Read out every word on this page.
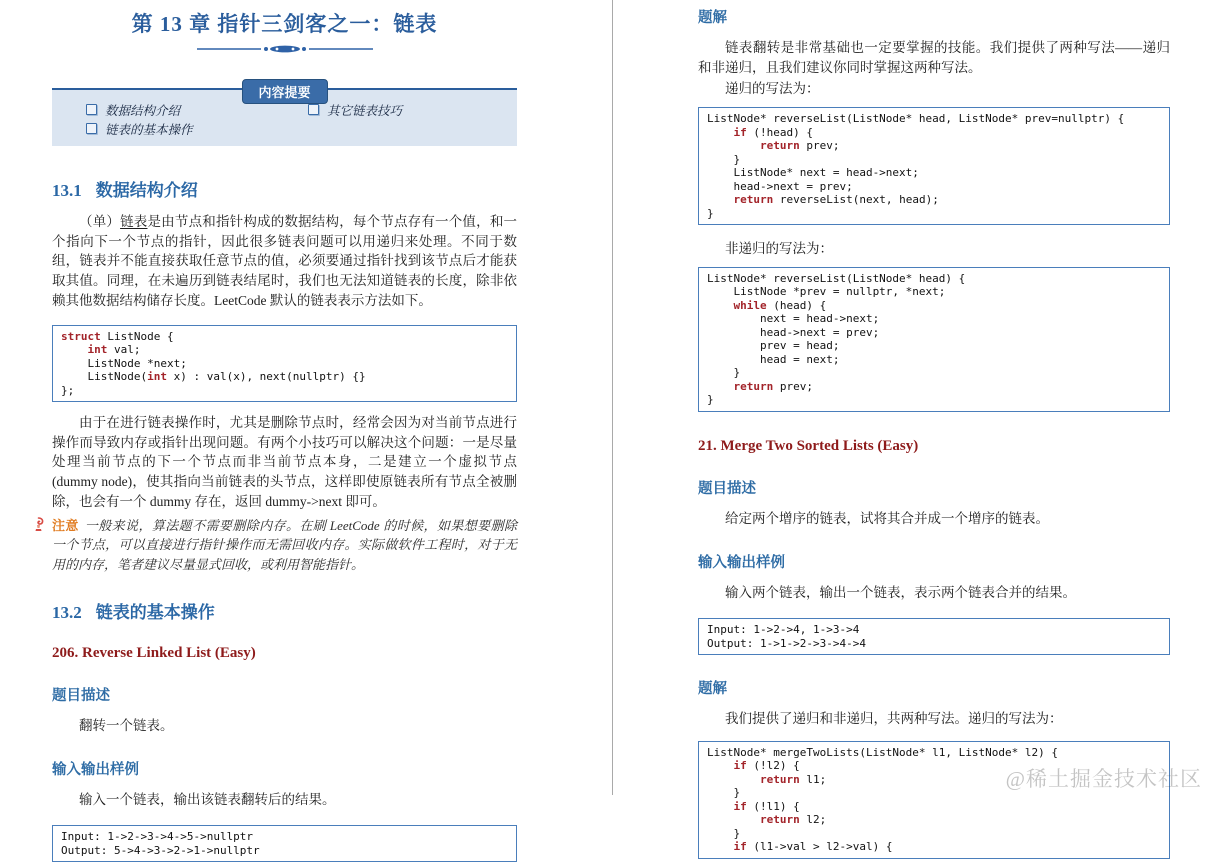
第 13 章 指针三剑客之一：链表
内容提要
数据结构介绍
链表的基本操作
其它链表技巧
13.1 数据结构介绍

（单）链表是由节点和指针构成的数据结构，每个节点存有一个值，和一个指向下一个节点的指针，因此很多链表问题可以用递归来处理。不同于数组，链表并不能直接获取任意节点的值，必须要通过指针找到该节点后才能获取其值。同理，在未遍历到链表结尾时，我们也无法知道链表的长度，除非依赖其他数据结构储存长度。LeetCode 默认的链表表示方法如下。

struct ListNode {
int val;
ListNode *next;
ListNode(int x) : val(x), next(nullptr) {}
};

由于在进行链表操作时，尤其是删除节点时，经常会因为对当前节点进行操作而导致内存或指针出现问题。有两个小技巧可以解决这个问题：一是尽量处理当前节点的下一个节点而非当前节点本身，二是建立一个虚拟节点 (dummy node)，使其指向当前链表的头节点，这样即使原链表所有节点全被删除，也会有一个 dummy 存在，返回 dummy->next 即可。

注意 一般来说，算法题不需要删除内存。在刷 LeetCode 的时候，如果想要删除一个节点，可以直接进行指针操作而无需回收内存。实际做软件工程时，对于无用的内存，笔者建议尽量显式回收，或利用智能指针。
13.2 链表的基本操作
206. Reverse Linked List (Easy)
题目描述

翻转一个链表。

输入输出样例

输入一个链表，输出该链表翻转后的结果。

Input: 1->2->3->4->5->nullptr
Output: 5->4->3->2->1->nullptr
题解

链表翻转是非常基础也一定要掌握的技能。我们提供了两种写法——递归和非递归，且我们建议你同时掌握这两种写法。

递归的写法为：

ListNode* reverseList(ListNode* head, ListNode* prev=nullptr) {
if (!head) {
return prev;
}
ListNode* next = head->next;
head->next = prev;
return reverseList(next, head);
}

非递归的写法为：

ListNode* reverseList(ListNode* head) {
ListNode *prev = nullptr, *next;
while (head) {
next = head->next;
head->next = prev;
prev = head;
head = next;
}
return prev;
}
21. Merge Two Sorted Lists (Easy)
题目描述

给定两个增序的链表，试将其合并成一个增序的链表。

输入输出样例

输入两个链表，输出一个链表，表示两个链表合并的结果。

Input: 1->2->4, 1->3->4
Output: 1->1->2->3->4->4
题解

我们提供了递归和非递归，共两种写法。递归的写法为：

ListNode* mergeTwoLists(ListNode* l1, ListNode* l2) {
if (!l2) {
return l1;
}
if (!l1) {
return l2;
}
if (l1->val > l2->val) {
@稀土掘金技术社区
